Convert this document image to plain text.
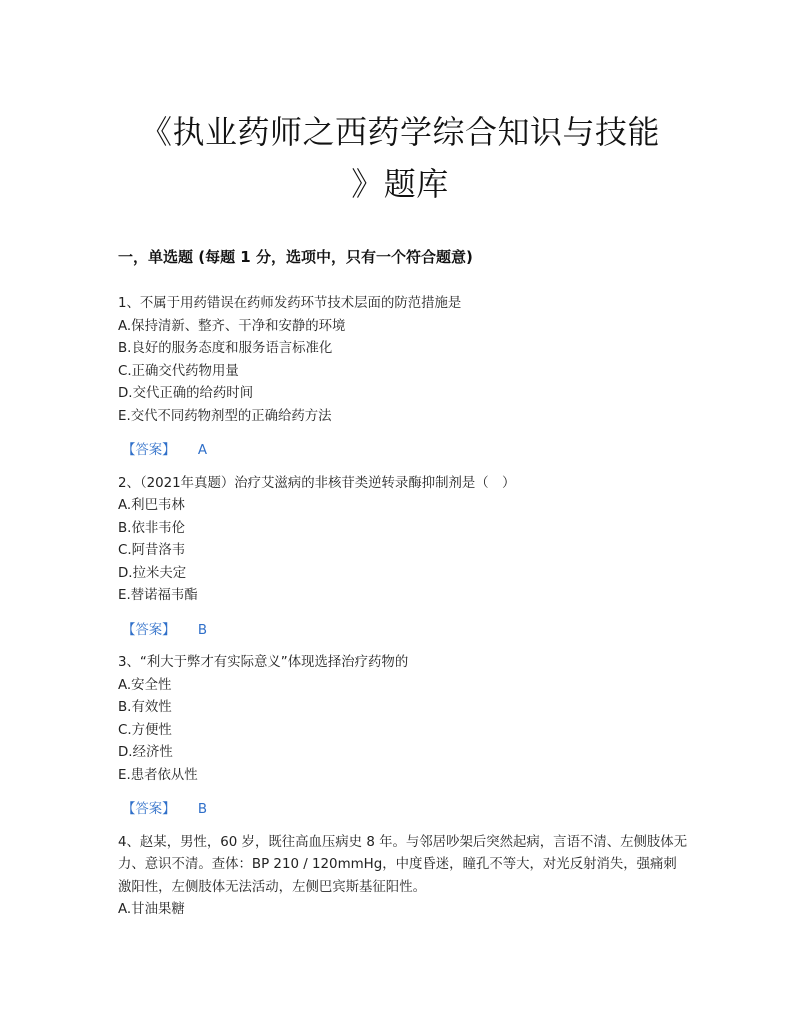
《执业药师之西药学综合知识与技能
》题库
一，单选题 (每题 1 分，选项中，只有一个符合题意)

1、不属于用药错误在药师发药环节技术层面的防范措施是

A.保持清新、整齐、干净和安静的环境

B.良好的服务态度和服务语言标准化

C.正确交代药物用量

D.交代正确的给药时间

E.交代不同药物剂型的正确给药方法

【答案】 A

2、（2021年真题）治疗艾滋病的非核苷类逆转录酶抑制剂是（　）

A.利巴韦林

B.依非韦伦

C.阿昔洛韦

D.拉米夫定

E.替诺福韦酯

【答案】 B

3、“利大于弊才有实际意义”体现选择治疗药物的

A.安全性

B.有效性

C.方便性

D.经济性

E.患者依从性

【答案】 B

4、赵某，男性，60 岁，既往高血压病史 8 年。与邻居吵架后突然起病，言语不清、左侧肢体无力、意识不清。查体：BP 210 / 120mmHg，中度昏迷，瞳孔不等大，对光反射消失，强痛刺激阳性，左侧肢体无法活动，左侧巴宾斯基征阳性。

A.甘油果糖
